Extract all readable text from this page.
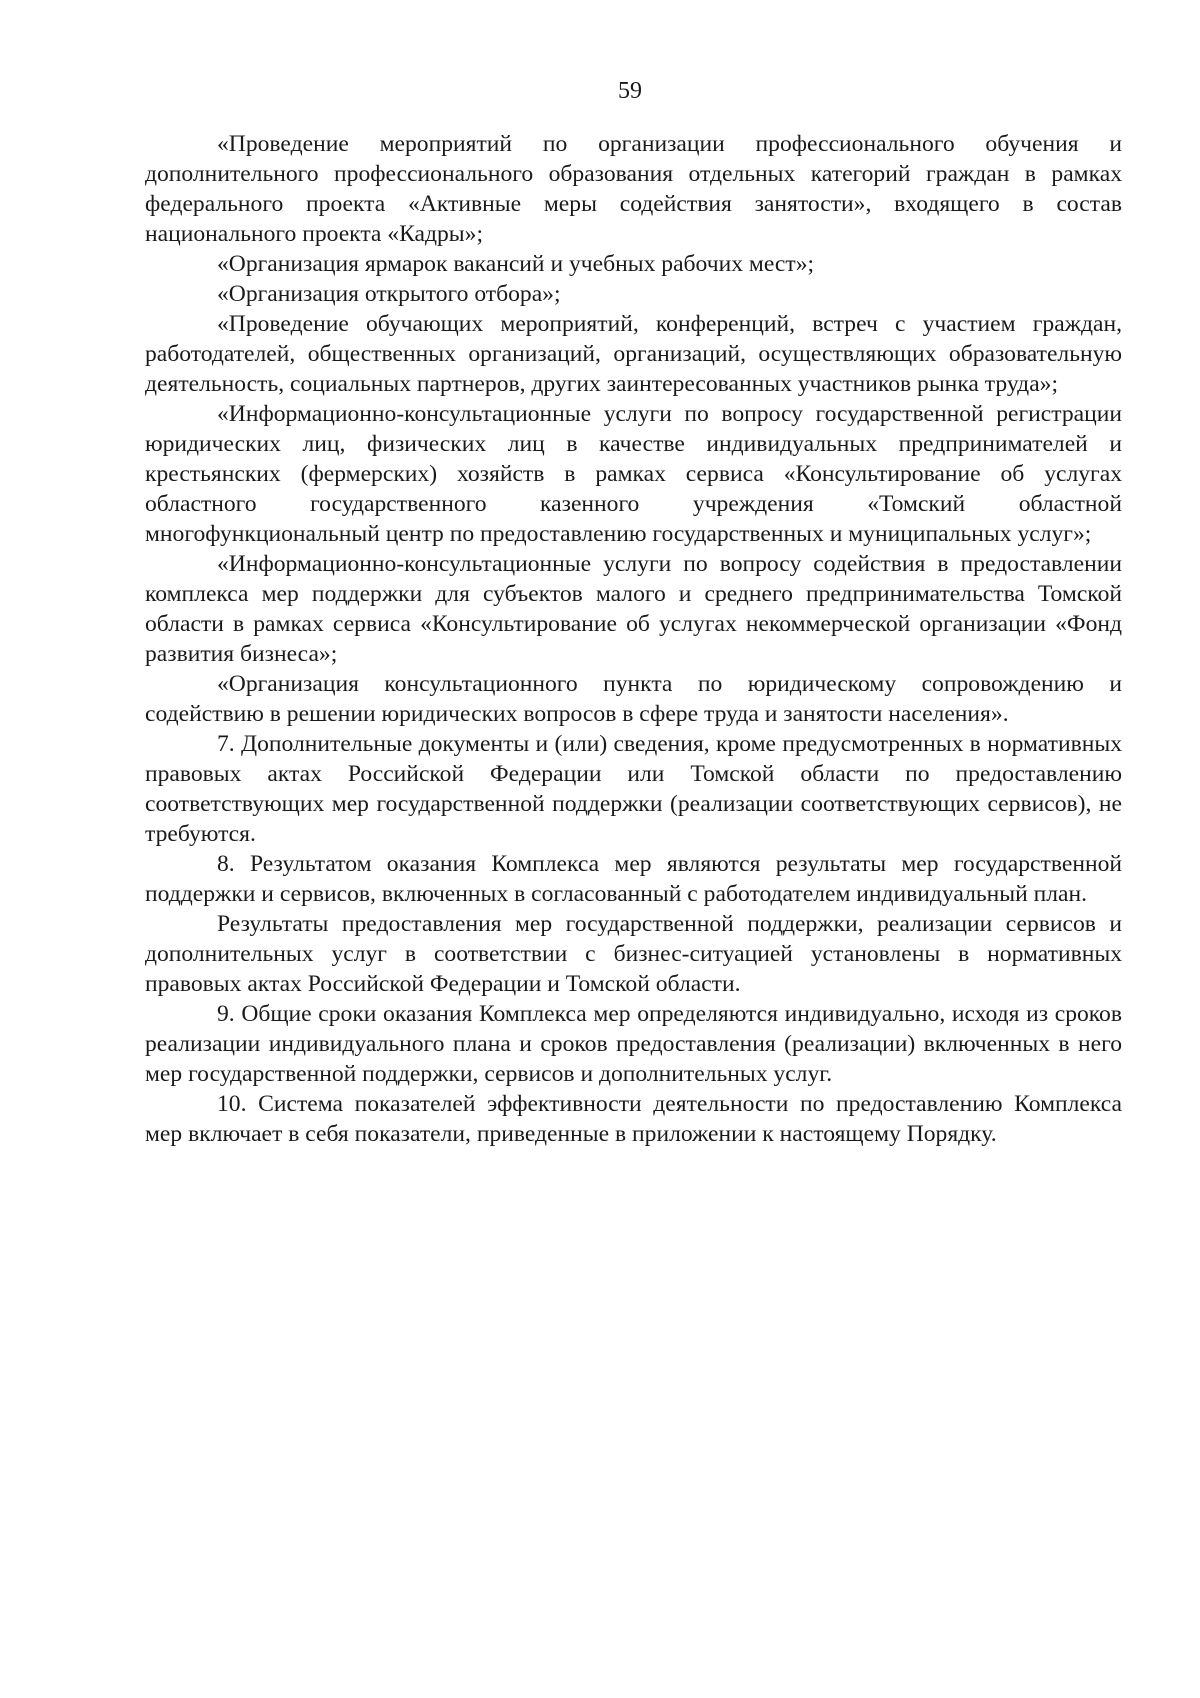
59

«Проведение мероприятий по организации профессионального обучения и дополнительного профессионального образования отдельных категорий граждан в рамках федерального проекта «Активные меры содействия занятости», входящего в состав национального проекта «Кадры»;

«Организация ярмарок вакансий и учебных рабочих мест»;

«Организация открытого отбора»;

«Проведение обучающих мероприятий, конференций, встреч с участием граждан, работодателей, общественных организаций, организаций, осуществляющих образовательную деятельность, социальных партнеров, других заинтересованных участников рынка труда»;

«Информационно-консультационные услуги по вопросу государственной регистрации юридических лиц, физических лиц в качестве индивидуальных предпринимателей и крестьянских (фермерских) хозяйств в рамках сервиса «Консультирование об услугах областного государственного казенного учреждения «Томский областной многофункциональный центр по предоставлению государственных и муниципальных услуг»;

«Информационно-консультационные услуги по вопросу содействия в предоставлении комплекса мер поддержки для субъектов малого и среднего предпринимательства Томской области в рамках сервиса «Консультирование об услугах некоммерческой организации «Фонд развития бизнеса»;

«Организация консультационного пункта по юридическому сопровождению и содействию в решении юридических вопросов в сфере труда и занятости населения».

7. Дополнительные документы и (или) сведения, кроме предусмотренных в нормативных правовых актах Российской Федерации или Томской области по предоставлению соответствующих мер государственной поддержки (реализации соответствующих сервисов), не требуются.

8. Результатом оказания Комплекса мер являются результаты мер государственной поддержки и сервисов, включенных в согласованный с работодателем индивидуальный план.

Результаты предоставления мер государственной поддержки, реализации сервисов и дополнительных услуг в соответствии с бизнес-ситуацией установлены в нормативных правовых актах Российской Федерации и Томской области.

9. Общие сроки оказания Комплекса мер определяются индивидуально, исходя из сроков реализации индивидуального плана и сроков предоставления (реализации) включенных в него мер государственной поддержки, сервисов и дополнительных услуг.

10. Система показателей эффективности деятельности по предоставлению Комплекса мер включает в себя показатели, приведенные в приложении к настоящему Порядку.
